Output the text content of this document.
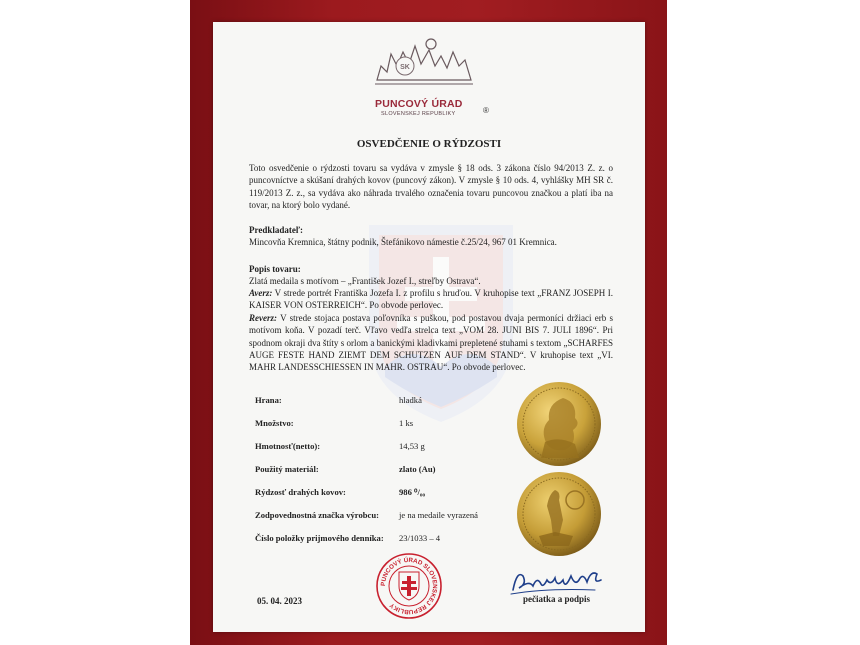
SK
PUNCOVÝ ÚRAD
SLOVENSKEJ REPUBLIKY	®
OSVEDČENIE O RÝDZOSTI
Toto osvedčenie o rýdzosti tovaru sa vydáva v zmysle § 18 ods. 3 zákona číslo 94/2013 Z. z. o puncovníctve a skúšaní drahých kovov (puncový zákon). V zmysle § 10 ods. 4, vyhlášky MH SR č. 119/2013 Z. z., sa vydáva ako náhrada trvalého označenia tovaru puncovou značkou a platí iba na tovar, na ktorý bolo vydané.
Predkladateľ:
Mincovňa Kremnica, štátny podnik, Štefánikovo námestie č.25/24, 967 01 Kremnica.
Popis tovaru:
Zlatá medaila s motívom – „František Jozef I., streľby Ostrava“.
Averz: V strede portrét Františka Jozefa I. z profilu s hruďou. V kruhopise text „FRANZ JOSEPH I. KAISER VON OSTERREICH“. Po obvode perlovec.
Reverz: V strede stojaca postava poľovníka s puškou, pod postavou dvaja permoníci držiaci erb s motívom koňa. V pozadí terč. Vľavo vedľa strelca text „VOM 28. JUNI BIS 7. JULI 1896“. Pri spodnom okraji dva štíty s orlom a banickými kladivkami prepletené stuhami s textom „SCHARFES AUGE FESTE HAND ZIEMT DEM SCHUTZEN AUF DEM STAND“. V kruhopise text „VI. MAHR LANDESSCHIESSEN IN MAHR. OSTRAU“. Po obvode perlovec.
Hrana:	hladká
Množstvo:	1 ks
Hmotnosť(netto):	14,53 g
Použitý materiál:	zlato (Au)
Rýdzosť drahých kovov:	986 ⁰/₀₀
Zodpovednostná značka výrobcu: je na medaile vyrazená
Číslo položky prijmového denníka: 23/1033 – 4
05. 04. 2023
PUNCOVÝ ÚRAD SLOVENSKEJ REPUBLIKY
pečiatka a podpis
